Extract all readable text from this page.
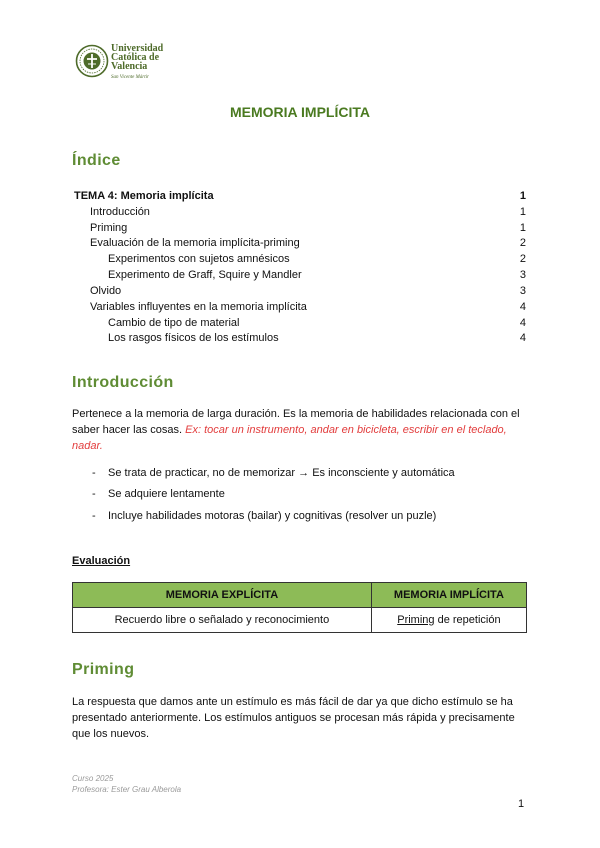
Universidad
Católica de
Valencia
San Vicente Mártir
MEMORIA IMPLÍCITA
Índice
TEMA 4: Memoria implícita	1
Introducción	1
Priming	1
Evaluación de la memoria implícita-priming	2
Experimentos con sujetos amnésicos	2
Experimento de Graff, Squire y Mandler	3
Olvido	3
Variables influyentes en la memoria implícita	4
Cambio de tipo de material	4
Los rasgos físicos de los estímulos	4
Introducción
Pertenece a la memoria de larga duración. Es la memoria de habilidades relacionada con el saber hacer las cosas. Ex: tocar un instrumento, andar en bicicleta, escribir en el teclado, nadar.
- Se trata de practicar, no de memorizar → Es inconsciente y automática
- Se adquiere lentamente
- Incluye habilidades motoras (bailar) y cognitivas (resolver un puzle)
Evaluación
MEMORIA EXPLÍCITA	MEMORIA IMPLÍCITA
Recuerdo libre o señalado y reconocimiento	Priming de repetición
Priming
La respuesta que damos ante un estímulo es más fácil de dar ya que dicho estímulo se ha presentado anteriormente. Los estímulos antiguos se procesan más rápida y precisamente que los nuevos.
Curso 2025
Profesora: Ester Grau Alberola
1
